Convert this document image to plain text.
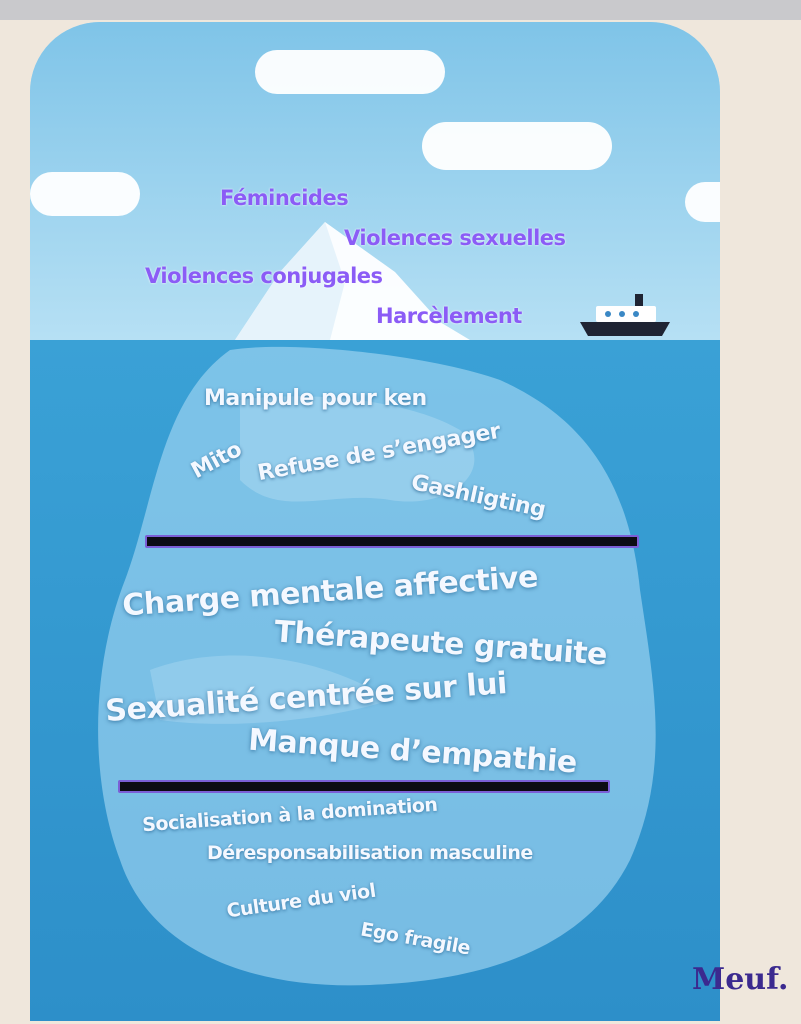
Fémincides

Violences sexuelles

Violences conjugales

Harcèlement

Manipule pour ken

Mito Refuse de s’engager

Gashligting

Charge mentale affective

Thérapeute gratuite

Sexualité centrée sur lui

Manque d’empathie

Socialisation à la domination

Déresponsabilisation masculine

Culture du viol

Ego fragile

Meuf.
